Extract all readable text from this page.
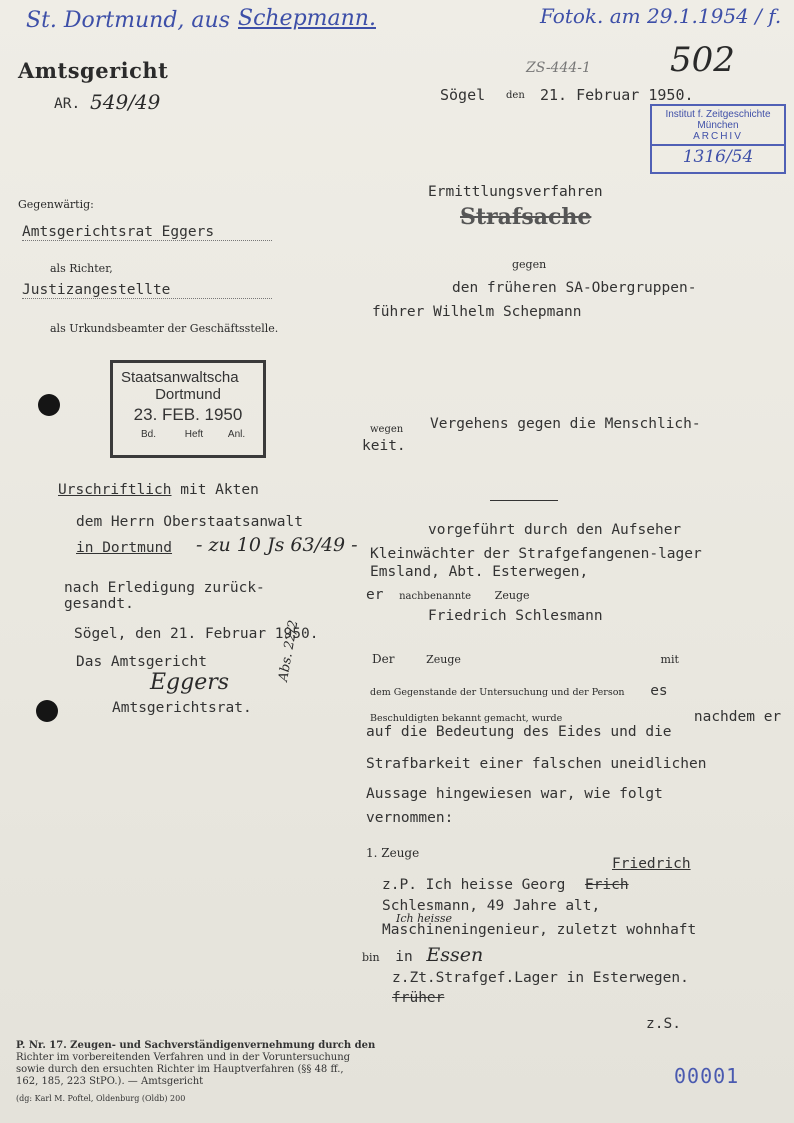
St. Dortmund, aus Schepmann.	Fotok. am 29.1.1954 / f.
502
ZS-444-1
Amtsgericht
AR. 549/49	Sögel den 21. Februar 1950.
Institut f. Zeitgeschichte
München
ARCHIV
1316/54
Gegenwärtig:
Amtsgerichtsrat Eggers
als Richter,
Justizangestellte
als Urkundsbeamter der Geschäftsstelle.
Ermittlungsverfahren
Strafsache
gegen
den früheren SA-Obergruppen-
führer Wilhelm Schepmann
wegen Vergehens gegen die Menschlich-
keit.
Staatsanwaltscha
Dortmund
23. FEB. 1950
Bd.	Heft Anl.
Urschriftlich mit Akten
dem Herrn Oberstaatsanwalt
in Dortmund - zu 10 Js 63/49 -
nach Erledigung zurück-
gesandt.
Sögel, den 21. Februar 1950.
Das Amtsgericht
Eggers
Amtsgerichtsrat.
Abs. 22/2
vorgeführt durch den Aufseher
Kleinwächter der Strafgefangenen-lager
Emsland, Abt. Esterwegen,
er nachbenannte Zeuge
Friedrich Schlesmann
Der	Zeuge	mit
dem Gegenstande der Untersuchung und der Person es
Beschuldigten bekannt gemacht, wurde	nachdem er
auf die Bedeutung des Eides und die
Strafbarkeit einer falschen uneidlichen
Aussage hingewiesen war, wie folgt
vernommen:
1. Zeuge
Friedrich
z.P. Ich heisse Georg Erich
Schlesmann, 49 Jahre alt,
Ich heisse
Maschineningenieur, zuletzt wohnhaft
bin in Essen
z.Zt.Strafgef.Lager in Esterwegen.
früher
z.S.
P. Nr. 17. Zeugen- und Sachverständigenvernehmung durch den
Richter im vorbereitenden Verfahren und in der Voruntersuchung
sowie durch den ersuchten Richter im Hauptverfahren (§§ 48 ff.,
162, 185, 223 StPO.). — Amtsgericht
(dg: Karl M. Poftel, Oldenburg (Oldb) 200
00001
